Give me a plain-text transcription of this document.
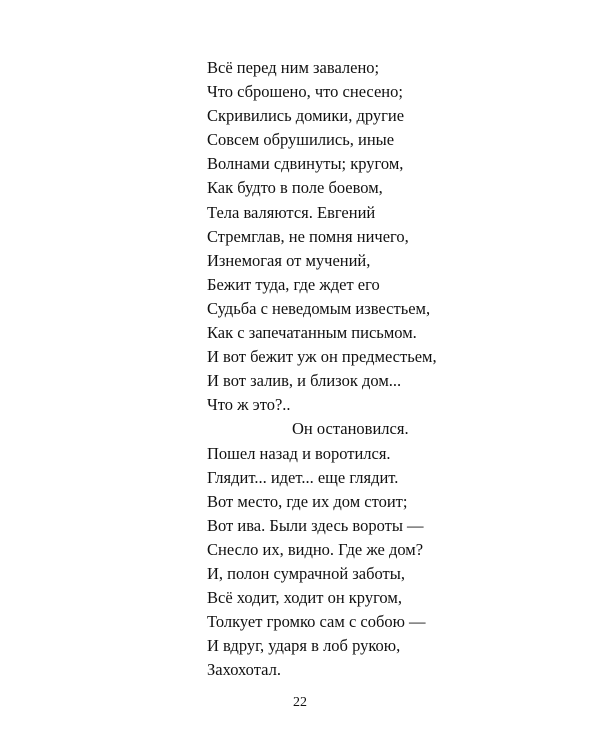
Всё перед ним завалено;
Что сброшено, что снесено;
Скривились домики, другие
Совсем обрушились, иные
Волнами сдвинуты; кругом,
Как будто в поле боевом,
Тела валяются. Евгений
Стремглав, не помня ничего,
Изнемогая от мучений,
Бежит туда, где ждет его
Судьба с неведомым известьем,
Как с запечатанным письмом.
И вот бежит уж он предместьем,
И вот залив, и близок дом...
Что ж это?..
Он остановился.
Пошел назад и воротился.
Глядит... идет... еще глядит.
Вот место, где их дом стоит;
Вот ива. Были здесь вороты —
Снесло их, видно. Где же дом?
И, полон сумрачной заботы,
Всё ходит, ходит он кругом,
Толкует громко сам с собою —
И вдруг, ударя в лоб рукою,
Захохотал.
22
